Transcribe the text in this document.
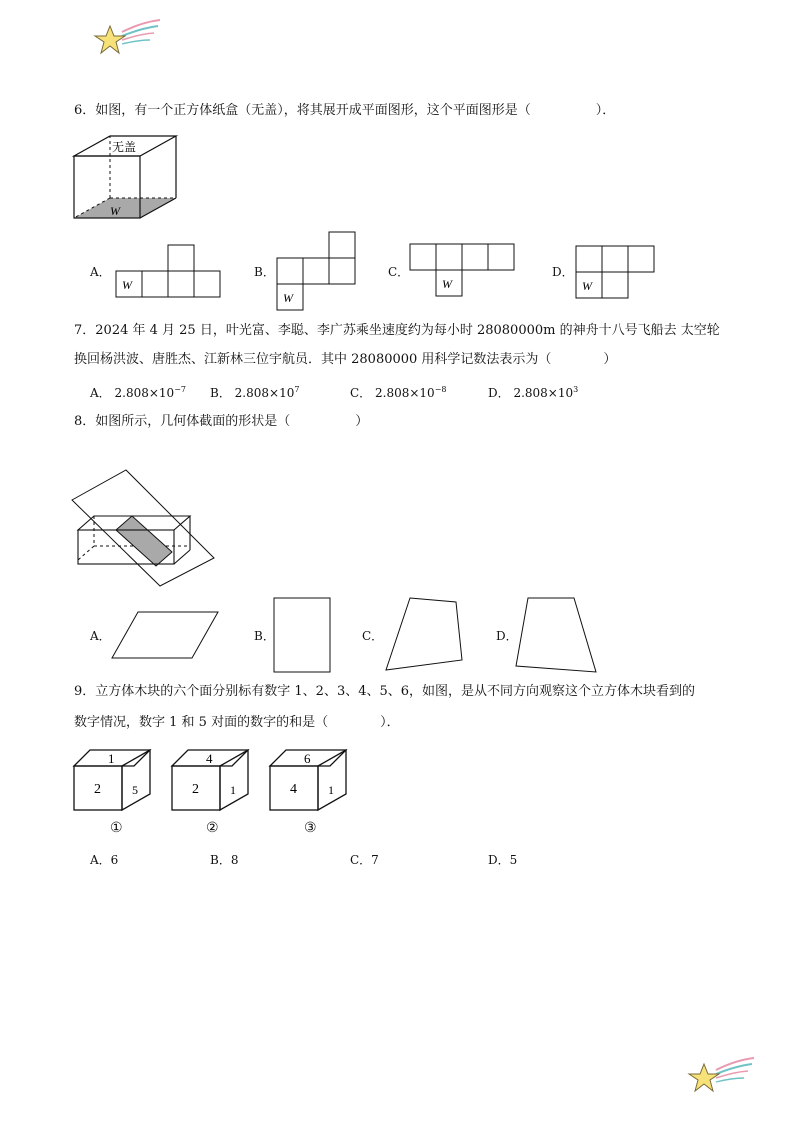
6．如图，有一个正方体纸盒（无盖），将其展开成平面图形，这个平面图形是（　　　　　）．
无盖
W
A．
W
B．
W
C．
W
D．
W
7．2024 年 4 月 25 日，叶光富、李聪、李广苏乘坐速度约为每小时 28080000m 的神舟十八号飞船去 太空轮
换回杨洪波、唐胜杰、江新林三位宇航员．其中 28080000 用科学记数法表示为（　　　　）
A． $2.808\times 10^{-7}$ B． $2.808\times 10^7$	C． $2.808\times 10^{-8}$	D． $2.808\times 10^3$
8．如图所示，几何体截面的形状是（　　　　　）
A．	B．	C．	D．
9．立方体木块的六个面分别标有数字 1、2、3、4、5、6，如图，是从不同方向观察这个立方体木块看到的
数字情况，数字 1 和 5 对面的数字的和是（　　　　）．
1
2	5
①
4
2	1
②
6
4	1
③
A．6	B．8	C．7	D．5
